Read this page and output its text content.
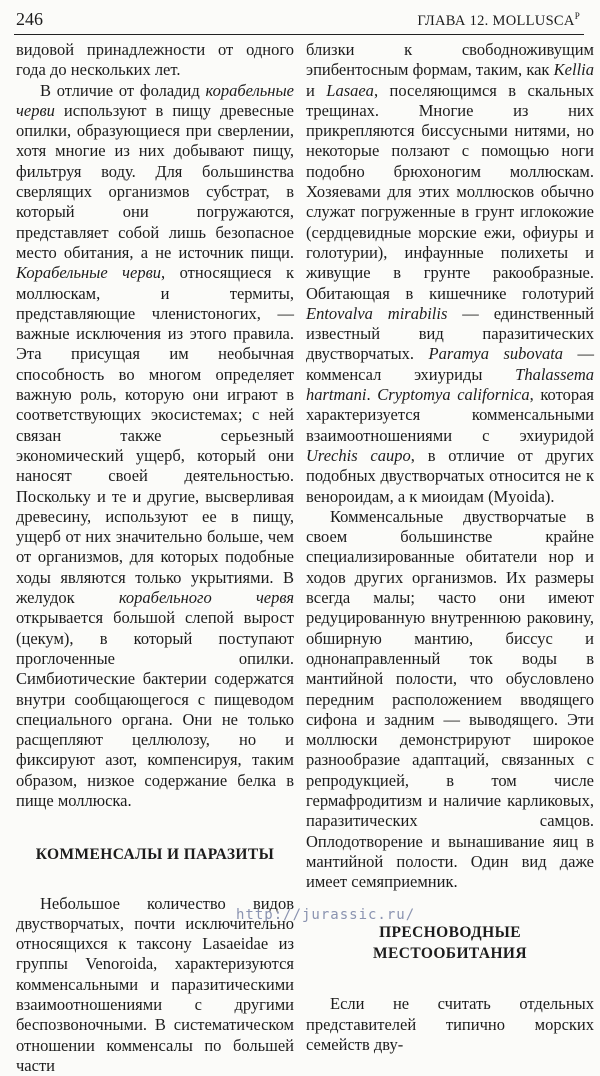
246	ГЛАВА 12. $MOLLUSCA^Р$

видовой принадлежности от одного года до нескольких лет.

В отличие от фоладид корабельные черви используют в пищу древесные опилки, образующиеся при сверлении, хотя многие из них добывают пищу, фильтруя воду. Для большинства сверлящих организмов субстрат, в который они погружаются, представляет собой лишь безопасное место обитания, а не источник пищи. Корабельные черви, относящиеся к моллюскам, и термиты, представляющие членистоногих, — важные исключения из этого правила. Эта присущая им необычная способность во многом определяет важную роль, которую они играют в соответствующих экосистемах; с ней связан также серьезный экономический ущерб, который они наносят своей деятельностью. Поскольку и те и другие, высверливая древесину, используют ее в пищу, ущерб от них значительно больше, чем от организмов, для которых подобные ходы являются только укрытиями. В желудок корабельного червя открывается большой слепой вырост (цекум), в который поступают проглоченные опилки. Симбиотические бактерии содержатся внутри сообщающегося с пищеводом специального органа. Они не только расщепляют целлюлозу, но и фиксируют азот, компенсируя, таким образом, низкое содержание белка в пище моллюска.

КОММЕНСАЛЫ И ПАРАЗИТЫ

Небольшое количество видов двустворчатых, почти исключительно относящихся к таксону Lasaeidae из группы Venoroida, характеризуются комменсальными и паразитическими взаимоотношениями с другими беспозвоночными. В систематическом отношении комменсалы по большей части

близки к свободноживущим эпибентосным формам, таким, как Kellia и Lasaea, поселяющимся в скальных трещинах. Многие из них прикрепляются биссусными нитями, но некоторые ползают с помощью ноги подобно брюхоногим моллюскам. Хозяевами для этих моллюсков обычно служат погруженные в грунт иглокожие (сердцевидные морские ежи, офиуры и голотурии), инфаунные полихеты и живущие в грунте ракообразные. Обитающая в кишечнике голотурий Entovalva mirabilis — единственный известный вид паразитических двустворчатых. Paramya subovata — комменсал эхиуриды Thalassema hartmani. Cryptomya californica, которая характеризуется комменсальными взаимоотношениями с эхиуридой Urechis caupo, в отличие от других подобных двустворчатых относится не к венороидам, а к миоидам (Myoida).

Комменсальные двустворчатые в своем большинстве крайне специализированные обитатели нор и ходов других организмов. Их размеры всегда малы; часто они имеют редуцированную внутреннюю раковину, обширную мантию, биссус и однонаправленный ток воды в мантийной полости, что обусловлено передним расположением вводящего сифона и задним — выводящего. Эти моллюски демонстрируют широкое разнообразие адаптаций, связанных с репродукцией, в том числе гермафродитизм и наличие карликовых, паразитических самцов. Оплодотворение и вынашивание яиц в мантийной полости. Один вид даже имеет семяприемник.

ПРЕСНОВОДНЫЕ
МЕСТООБИТАНИЯ

Если не считать отдельных представителей типично морских семейств дву-

http://jurassic.ru/
